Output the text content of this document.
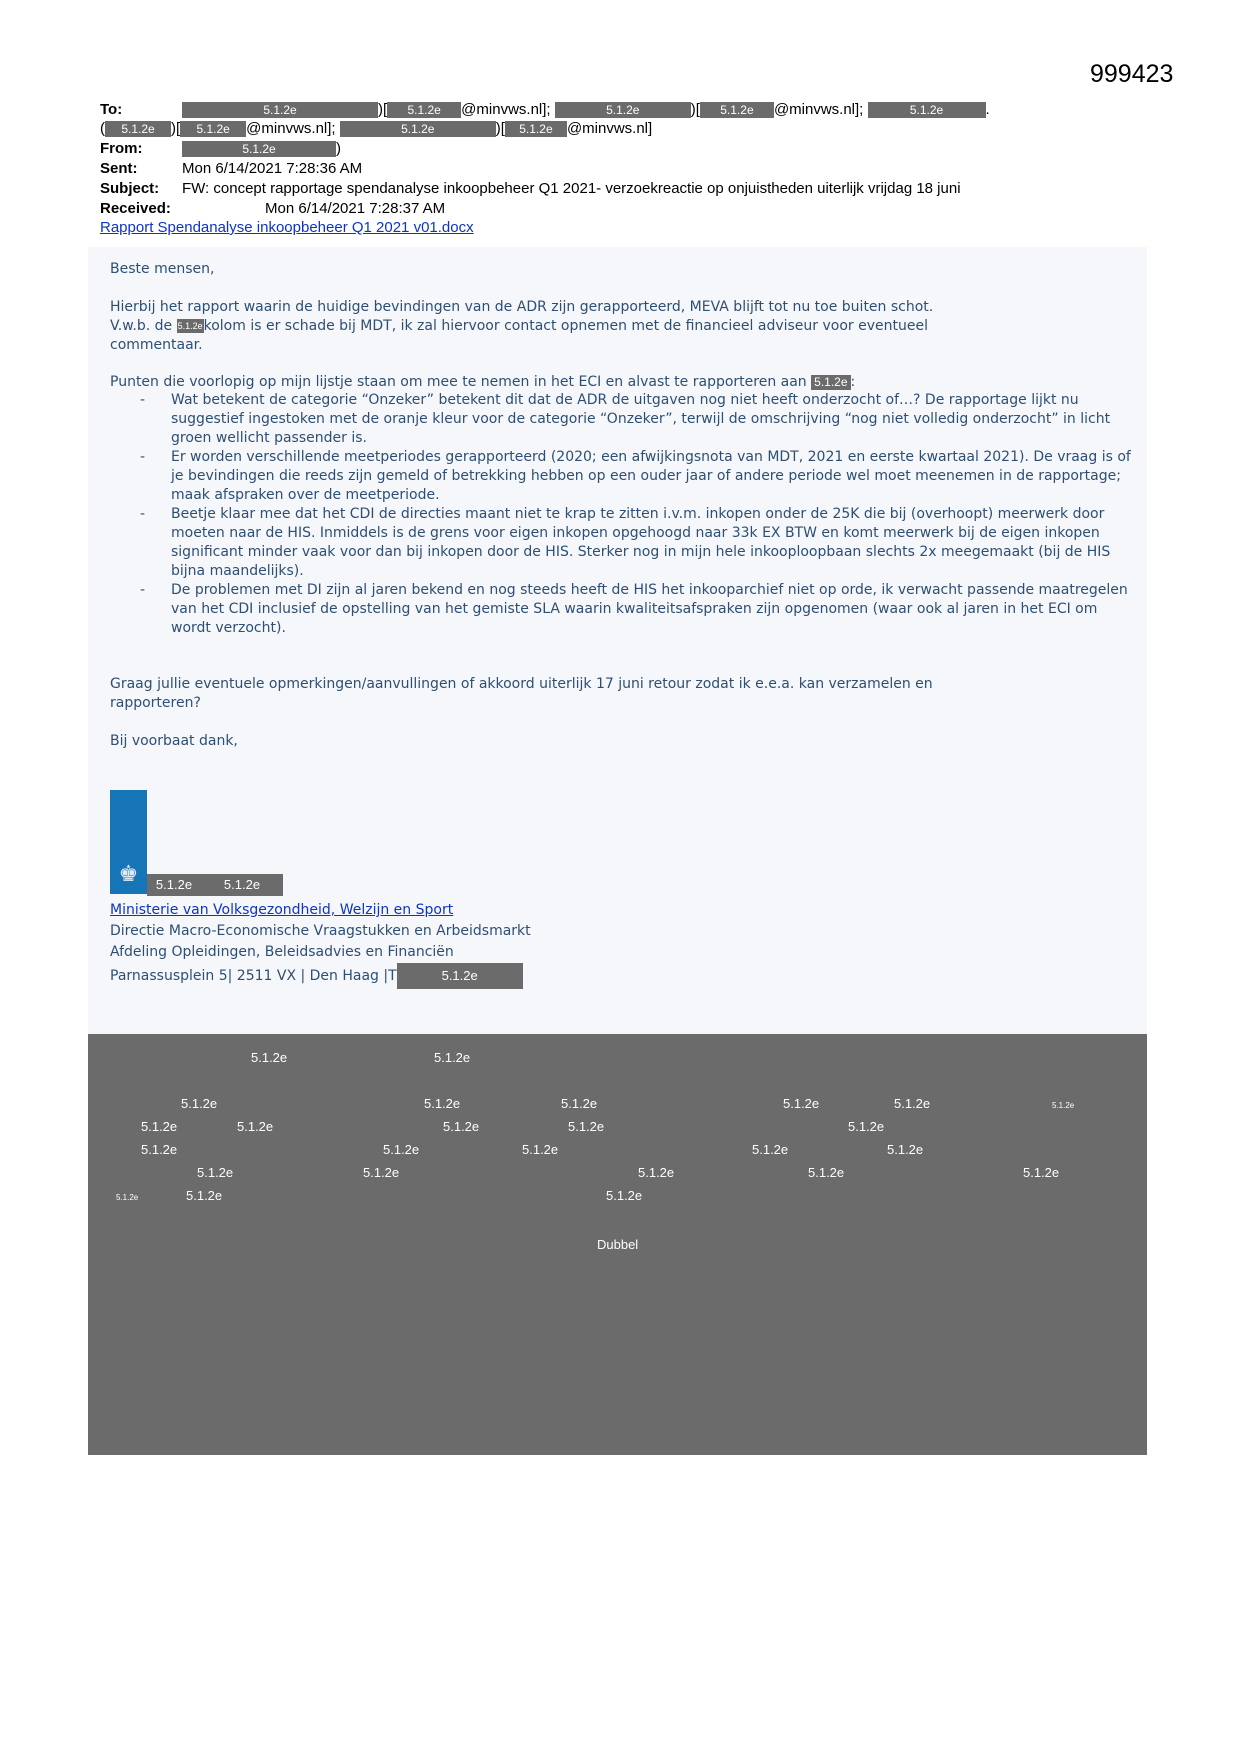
999423
To:	5.1.2e	)[ 5.1.2e @minvws.nl];	5.1.2e	)[ 5.1.2e @minvws.nl];	5.1.2e	.
( 5.1.2e )[ 5.1.2e @minvws.nl];	5.1.2e	)[ 5.1.2e @minvws.nl]
From:	5.1.2e	)
Sent:	Mon 6/14/2021 7:28:36 AM
Subject: FW: concept rapportage spendanalyse inkoopbeheer Q1 2021- verzoekreactie op onjuistheden uiterlijk vrijdag 18 juni
Received:	Mon 6/14/2021 7:28:37 AM
Rapport Spendanalyse inkoopbeheer Q1 2021 v01.docx
Beste mensen,
Hierbij het rapport waarin de huidige bevindingen van de ADR zijn gerapporteerd, MEVA blijft tot nu toe buiten schot.
V.w.b. de 5.1.2ekolom is er schade bij MDT, ik zal hiervoor contact opnemen met de financieel adviseur voor eventueel
commentaar.
Punten die voorlopig op mijn lijstje staan om mee te nemen in het ECI en alvast te rapporteren aan 5.1.2e :
- Wat betekent de categorie “Onzeker” betekent dit dat de ADR de uitgaven nog niet heeft onderzocht of…? De rapportage lijkt nu suggestief ingestoken met de oranje kleur voor de categorie “Onzeker”, terwijl de omschrijving “nog niet volledig onderzocht” in licht groen wellicht passender is.
- Er worden verschillende meetperiodes gerapporteerd (2020; een afwijkingsnota van MDT, 2021 en eerste kwartaal 2021). De vraag is of je bevindingen die reeds zijn gemeld of betrekking hebben op een ouder jaar of andere periode wel moet meenemen in de rapportage; maak afspraken over de meetperiode.
- Beetje klaar mee dat het CDI de directies maant niet te krap te zitten i.v.m. inkopen onder de 25K die bij (overhoopt) meerwerk door moeten naar de HIS. Inmiddels is de grens voor eigen inkopen opgehoogd naar 33k EX BTW en komt meerwerk bij de eigen inkopen significant minder vaak voor dan bij inkopen door de HIS. Sterker nog in mijn hele inkooploopbaan slechts 2x meegemaakt (bij de HIS bijna maandelijks).
- De problemen met DI zijn al jaren bekend en nog steeds heeft de HIS het inkooparchief niet op orde, ik verwacht passende maatregelen van het CDI inclusief de opstelling van het gemiste SLA waarin kwaliteitsafspraken zijn opgenomen (waar ook al jaren in het ECI om wordt verzocht).
Graag jullie eventuele opmerkingen/aanvullingen of akkoord uiterlijk 17 juni retour zodat ik e.e.a. kan verzamelen en
rapporteren?
Bij voorbaat dank,
♚	5.1.2e 5.1.2e
Ministerie van Volksgezondheid, Welzijn en Sport
Directie Macro-Economische Vraagstukken en Arbeidsmarkt
Afdeling Opleidingen, Beleidsadvies en Financiën
Parnassusplein 5| 2511 VX | Den Haag |T	5.1.2e
5.1.2e	5.1.2e
5.1.2e	5.1.2e	5.1.2e	5.1.2e	5.1.2e	5.1.2e
5.1.2e	5.1.2e	5.1.2e	5.1.2e	5.1.2e
5.1.2e	5.1.2e	5.1.2e	5.1.2e	5.1.2e
5.1.2e	5.1.2e	5.1.2e	5.1.2e	5.1.2e
5.1.2e	5.1.2e	5.1.2e
Dubbel
